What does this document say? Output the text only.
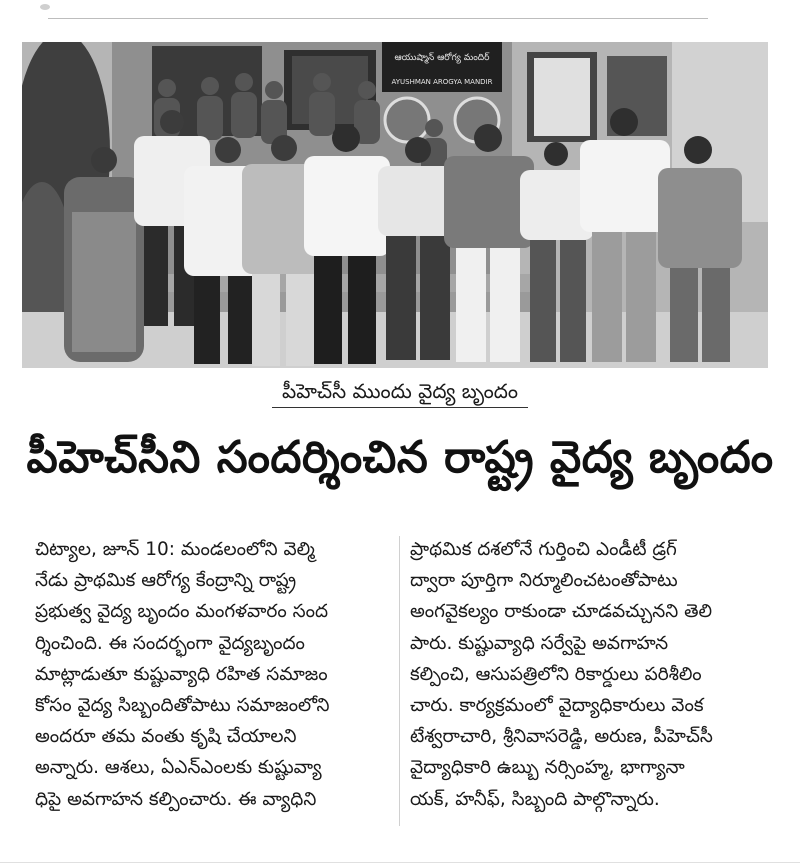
ఆయుష్మాన్ ఆరోగ్య మందిర్
AYUSHMAN AROGYA MANDIR
పీహెచ్‌సీ ముందు వైద్య బృందం
పీహెచ్‌సీని సందర్శించిన రాష్ట్ర వైద్య బృందం

చిట్యాల, జూన్ 10: మండలంలోని వెల్మి

నేడు ప్రాథమిక ఆరోగ్య కేంద్రాన్ని రాష్ట్ర

ప్రభుత్వ వైద్య బృందం మంగళవారం సంద

ర్శించింది. ఈ సందర్భంగా వైద్యబృందం

మాట్లాడుతూ కుష్టువ్యాధి రహిత సమాజం

కోసం వైద్య సిబ్బందితోపాటు సమాజంలోని

అందరూ తమ వంతు కృషి చేయాలని

అన్నారు. ఆశలు, ఏఎన్ఎంలకు కుష్టువ్యా

ధిపై అవగాహన కల్పించారు. ఈ వ్యాధిని

ప్రాథమిక దశలోనే గుర్తించి ఎండీటీ డ్రగ్

ద్వారా పూర్తిగా నిర్మూలించటంతోపాటు

అంగవైకల్యం రాకుండా చూడవచ్చునని తెలి

పారు. కుష్టువ్యాధి సర్వేపై అవగాహన

కల్పించి, ఆసుపత్రిలోని రికార్డులు పరిశీలిం

చారు. కార్యక్రమంలో వైద్యాధికారులు వెంక

టేశ్వరాచారి, శ్రీనివాసరెడ్డి, అరుణ, పీహెచ్‌సీ

వైద్యాధికారి ఉబ్బు నర్సింహ్మ, భాగ్యానా

యక్, హనీఫ్, సిబ్బంది పాల్గొన్నారు.
